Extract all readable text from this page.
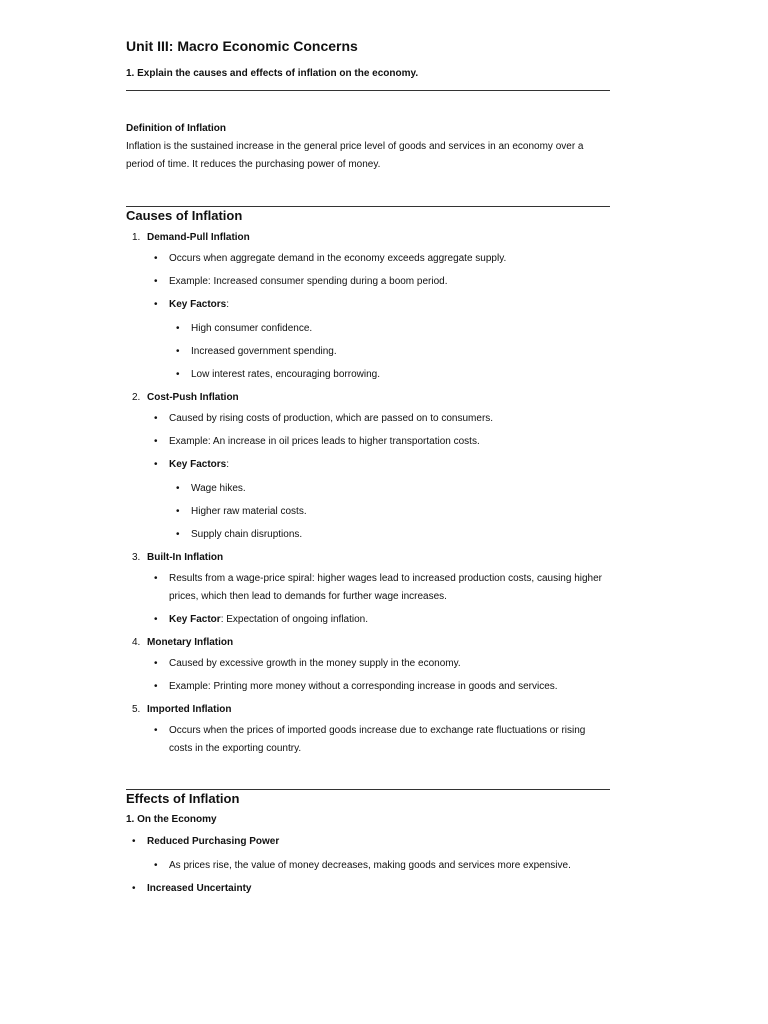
Unit III: Macro Economic Concerns

1. Explain the causes and effects of inflation on the economy.

Definition of Inflation

Inflation is the sustained increase in the general price level of goods and services in an economy over a period of time. It reduces the purchasing power of money.

Causes of Inflation
1. Demand-Pull Inflation
• Occurs when aggregate demand in the economy exceeds aggregate supply.
• Example: Increased consumer spending during a boom period.
• Key Factors:
• High consumer confidence.
• Increased government spending.
• Low interest rates, encouraging borrowing.
2. Cost-Push Inflation
• Caused by rising costs of production, which are passed on to consumers.
• Example: An increase in oil prices leads to higher transportation costs.
• Key Factors:
• Wage hikes.
• Higher raw material costs.
• Supply chain disruptions.
3. Built-In Inflation
• Results from a wage-price spiral: higher wages lead to increased production costs, causing higher prices, which then lead to demands for further wage increases.
• Key Factor: Expectation of ongoing inflation.
4. Monetary Inflation
• Caused by excessive growth in the money supply in the economy.
• Example: Printing more money without a corresponding increase in goods and services.
5. Imported Inflation
• Occurs when the prices of imported goods increase due to exchange rate fluctuations or rising costs in the exporting country.
Effects of Inflation

1. On the Economy

• Reduced Purchasing Power
• As prices rise, the value of money decreases, making goods and services more expensive.
• Increased Uncertainty
